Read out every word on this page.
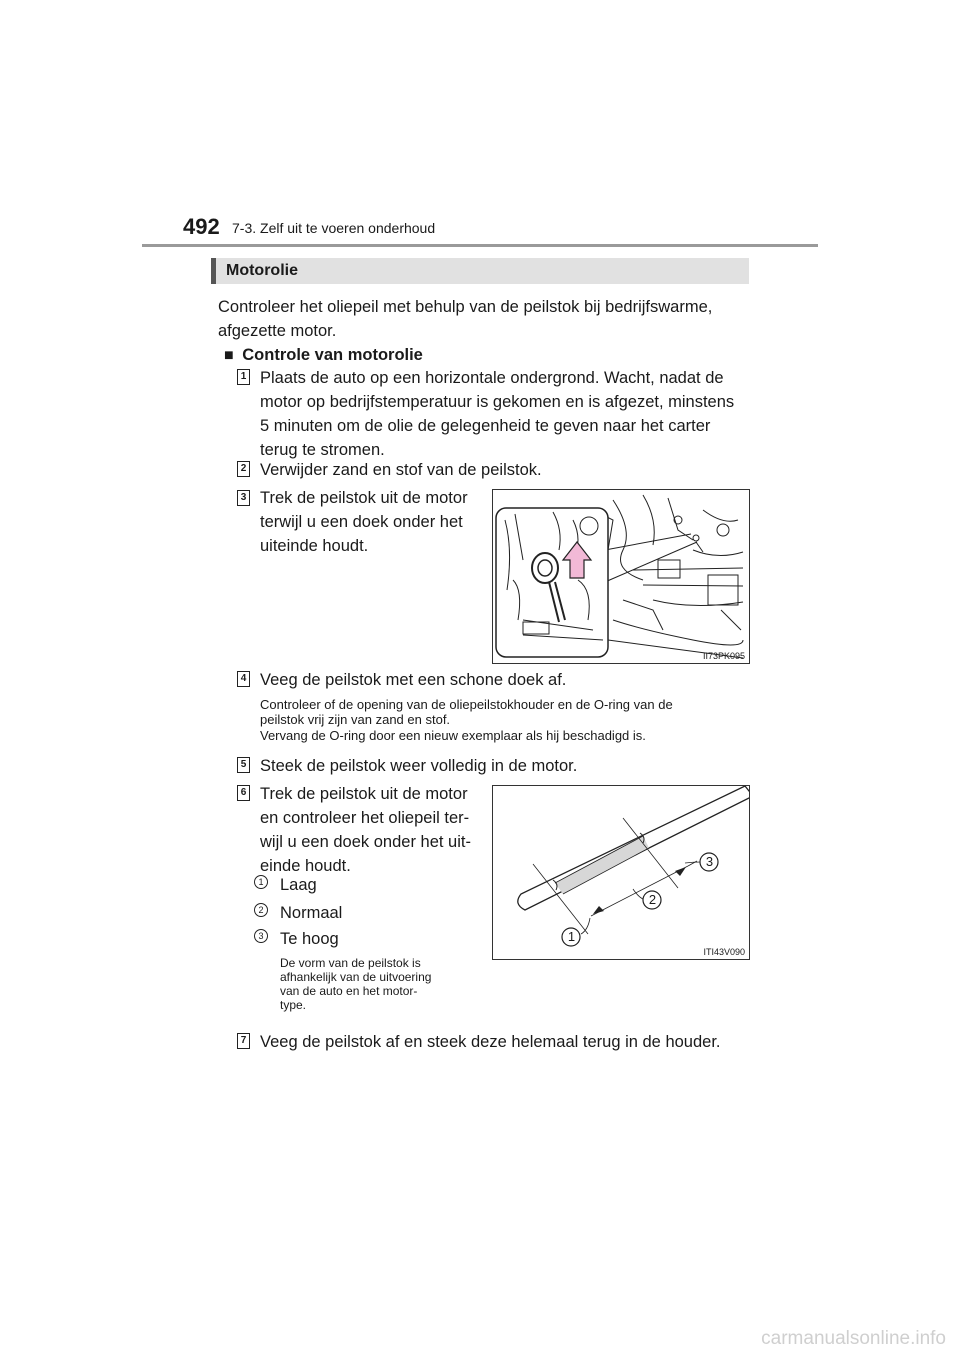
492 7-3. Zelf uit te voeren onderhoud
Motorolie
Controleer het oliepeil met behulp van de peilstok bij bedrijfswarme,
afgezette motor.
■ Controle van motorolie
1 Plaats de auto op een horizontale ondergrond. Wacht, nadat de
motor op bedrijfstemperatuur is gekomen en is afgezet, minstens
5 minuten om de olie de gelegenheid te geven naar het carter
terug te stromen.
2 Verwijder zand en stof van de peilstok.
3 Trek de peilstok uit de motor
terwijl u een doek onder het
uiteinde houdt.
II73PK095
4 Veeg de peilstok met een schone doek af.
Controleer of de opening van de oliepeilstokhouder en de O-ring van de
peilstok vrij zijn van zand en stof.
Vervang de O-ring door een nieuw exemplaar als hij beschadigd is.
5 Steek de peilstok weer volledig in de motor.
6 Trek de peilstok uit de motor
en controleer het oliepeil ter-
wijl u een doek onder het uit-
einde houdt.
1 Laag
2 Normaal
3 Te hoog
De vorm van de peilstok is
afhankelijk van de uitvoering
van de auto en het motor-
type.
1
2
3
ITI43V090
7 Veeg de peilstok af en steek deze helemaal terug in de houder.
carmanualsonline.info
